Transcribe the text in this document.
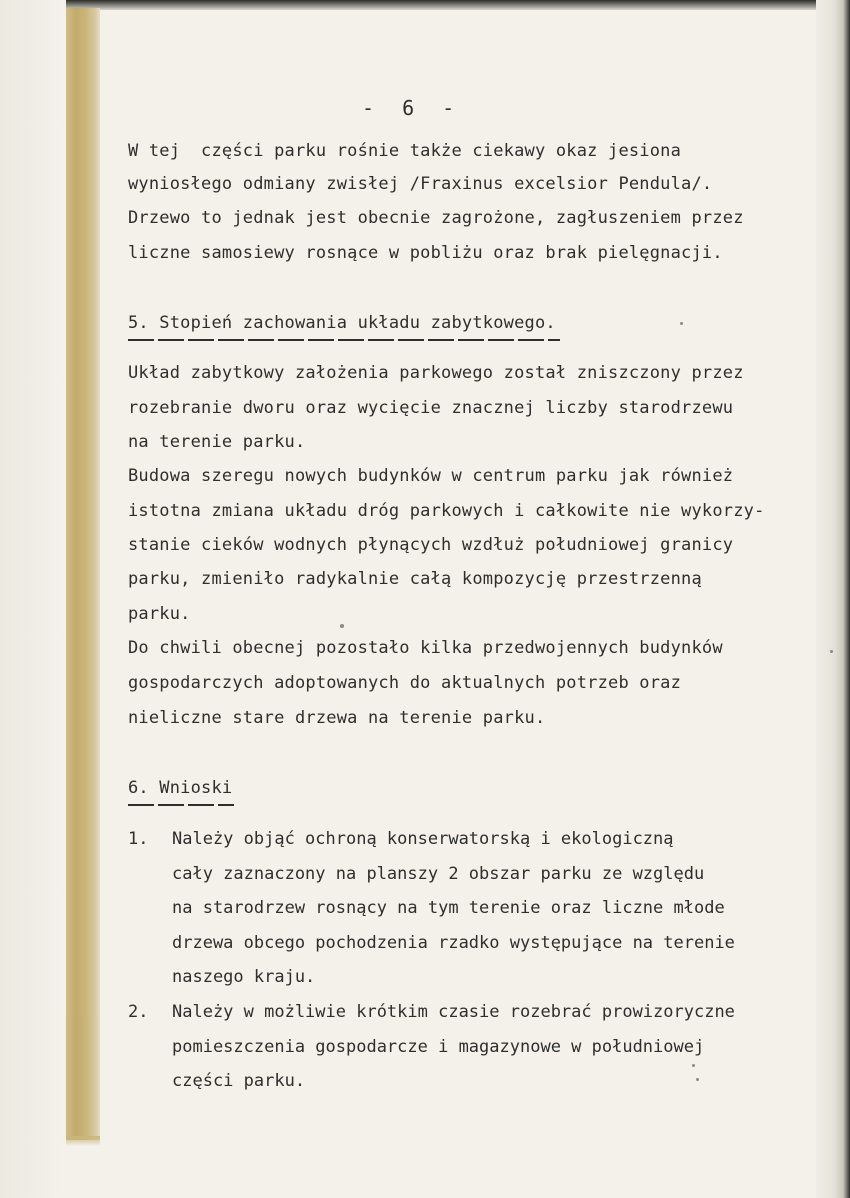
- 6 -
W tej  części parku rośnie także ciekawy okaz jesiona
wyniosłego odmiany zwisłej /Fraxinus excelsior Pendula/.
Drzewo to jednak jest obecnie zagrożone, zagłuszeniem przez
liczne samosiewy rosnące w pobliżu oraz brak pielęgnacji.
5. Stopień zachowania układu zabytkowego.
Układ zabytkowy założenia parkowego został zniszczony przez
rozebranie dworu oraz wycięcie znacznej liczby starodrzewu
na terenie parku.
Budowa szeregu nowych budynków w centrum parku jak również
istotna zmiana układu dróg parkowych i całkowite nie wykorzy-
stanie cieków wodnych płynących wzdłuż południowej granicy
parku, zmieniło radykalnie całą kompozycję przestrzenną
parku.
Do chwili obecnej pozostało kilka przedwojennych budynków
gospodarczych adoptowanych do aktualnych potrzeb oraz
nieliczne stare drzewa na terenie parku.
6. Wnioski
1. Należy objąć ochroną konserwatorską i ekologiczną
cały zaznaczony na planszy 2 obszar parku ze względu
na starodrzew rosnący na tym terenie oraz liczne młode
drzewa obcego pochodzenia rzadko występujące na terenie
naszego kraju.
2. Należy w możliwie krótkim czasie rozebrać prowizoryczne
pomieszczenia gospodarcze i magazynowe w południowej
części parku.
